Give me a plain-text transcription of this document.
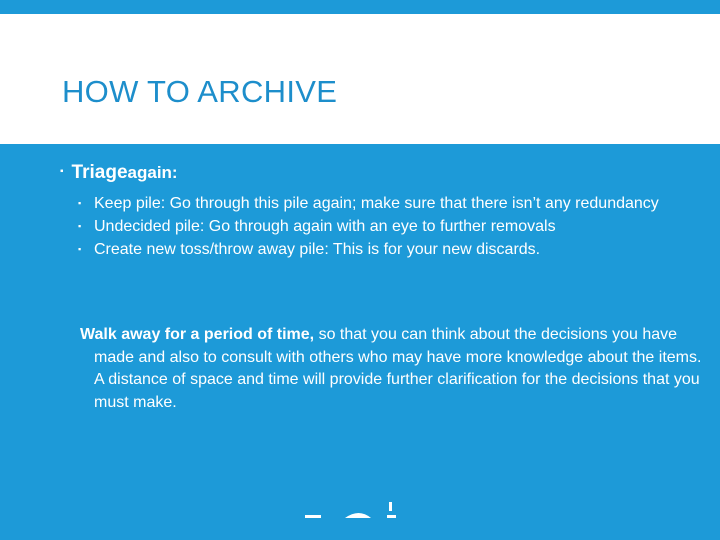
HOW TO ARCHIVE
▪ Triage again:
▪ Keep pile: Go through this pile again; make sure that there isn’t any redundancy
▪ Undecided pile: Go through again with an eye to further removals
▪ Create new toss/throw away pile: This is for your new discards.
Walk away for a period of time, so that you can think about the decisions you have made and also to consult with others who may have more knowledge about the items. A distance of space and time will provide further clarification for the decisions that you must make.
